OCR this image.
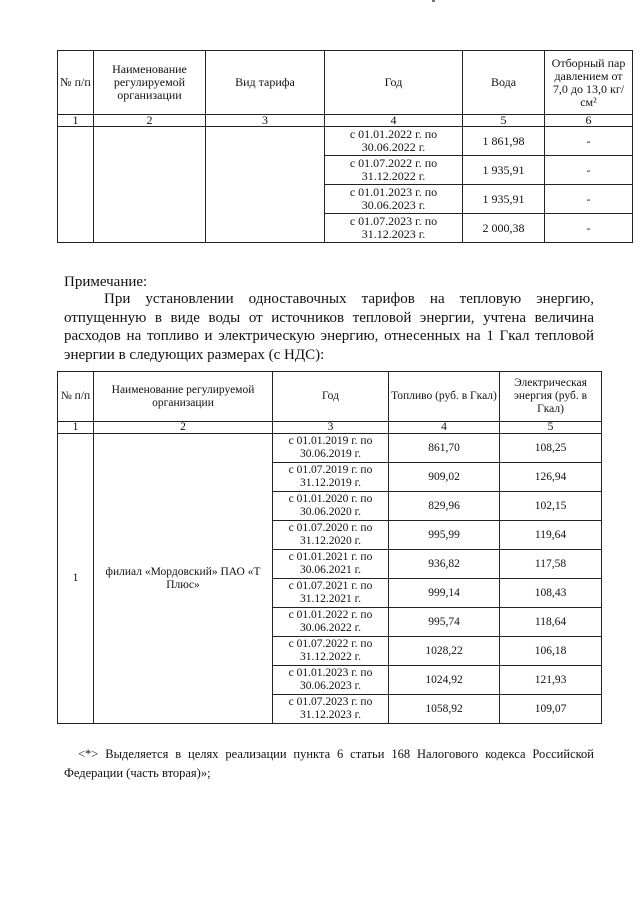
№ п/п	Наименование регулируемой организации	Вид тарифа	Год	Вода	Отборный пар давлением от 7,0 до 13,0 кг/см²
1	2	3	4	5	6
			с 01.01.2022 г. по 30.06.2022 г.	1 861,98	-
			с 01.07.2022 г. по 31.12.2022 г.	1 935,91	-
			с 01.01.2023 г. по 30.06.2023 г.	1 935,91	-
			с 01.07.2023 г. по 31.12.2023 г.	2 000,38	-
Примечание:
При установлении одноставочных тарифов на тепловую энергию, отпущенную в виде воды от источников тепловой энергии, учтена величина расходов на топливо и электрическую энергию, отнесенных на 1 Гкал тепловой энергии в следующих размерах (с НДС):
№ п/п	Наименование регулируемой организации	Год	Топливо (руб. в Гкал)	Электрическая энергия (руб. в Гкал)
1	2	3	4	5
1	филиал «Мордовский» ПАО «Т Плюс»	с 01.01.2019 г. по 30.06.2019 г.	861,70	108,25
		с 01.07.2019 г. по 31.12.2019 г.	909,02	126,94
		с 01.01.2020 г. по 30.06.2020 г.	829,96	102,15
		с 01.07.2020 г. по 31.12.2020 г.	995,99	119,64
		с 01.01.2021 г. по 30.06.2021 г.	936,82	117,58
		с 01.07.2021 г. по 31.12.2021 г.	999,14	108,43
		с 01.01.2022 г. по 30.06.2022 г.	995,74	118,64
		с 01.07.2022 г. по 31.12.2022 г.	1028,22	106,18
		с 01.01.2023 г. по 30.06.2023 г.	1024,92	121,93
		с 01.07.2023 г. по 31.12.2023 г.	1058,92	109,07
<*> Выделяется в целях реализации пункта 6 статьи 168 Налогового кодекса Российской Федерации (часть вторая)»;
